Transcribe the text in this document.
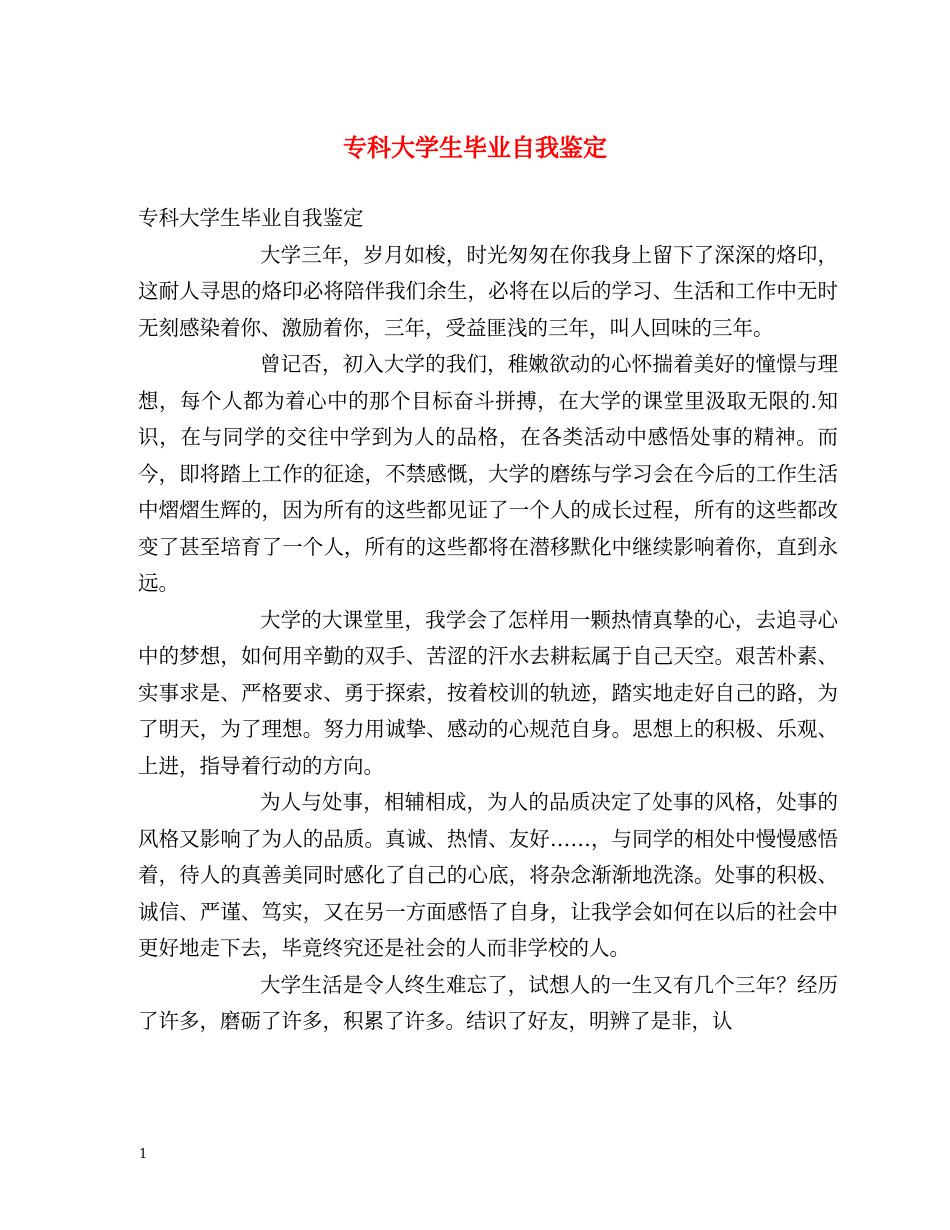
专科大学生毕业自我鉴定

专科大学生毕业自我鉴定

大学三年，岁月如梭，时光匆匆在你我身上留下了深深的烙印，这耐人寻思的烙印必将陪伴我们余生，必将在以后的学习、生活和工作中无时无刻感染着你、激励着你，三年，受益匪浅的三年，叫人回味的三年。

曾记否，初入大学的我们，稚嫩欲动的心怀揣着美好的憧憬与理想，每个人都为着心中的那个目标奋斗拼搏，在大学的课堂里汲取无限的.知识，在与同学的交往中学到为人的品格，在各类活动中感悟处事的精神。而今，即将踏上工作的征途，不禁感慨，大学的磨练与学习会在今后的工作生活中熠熠生辉的，因为所有的这些都见证了一个人的成长过程，所有的这些都改变了甚至培育了一个人，所有的这些都将在潜移默化中继续影响着你，直到永远。

大学的大课堂里，我学会了怎样用一颗热情真挚的心，去追寻心中的梦想，如何用辛勤的双手、苦涩的汗水去耕耘属于自己天空。艰苦朴素、实事求是、严格要求、勇于探索，按着校训的轨迹，踏实地走好自己的路，为了明天，为了理想。努力用诚挚、感动的心规范自身。思想上的积极、乐观、上进，指导着行动的方向。

为人与处事，相辅相成，为人的品质决定了处事的风格，处事的风格又影响了为人的品质。真诚、热情、友好……，与同学的相处中慢慢感悟着，待人的真善美同时感化了自己的心底，将杂念渐渐地洗涤。处事的积极、诚信、严谨、笃实，又在另一方面感悟了自身，让我学会如何在以后的社会中更好地走下去，毕竟终究还是社会的人而非学校的人。

大学生活是令人终生难忘了，试想人的一生又有几个三年？经历了许多，磨砺了许多，积累了许多。结识了好友，明辨了是非，认

1
